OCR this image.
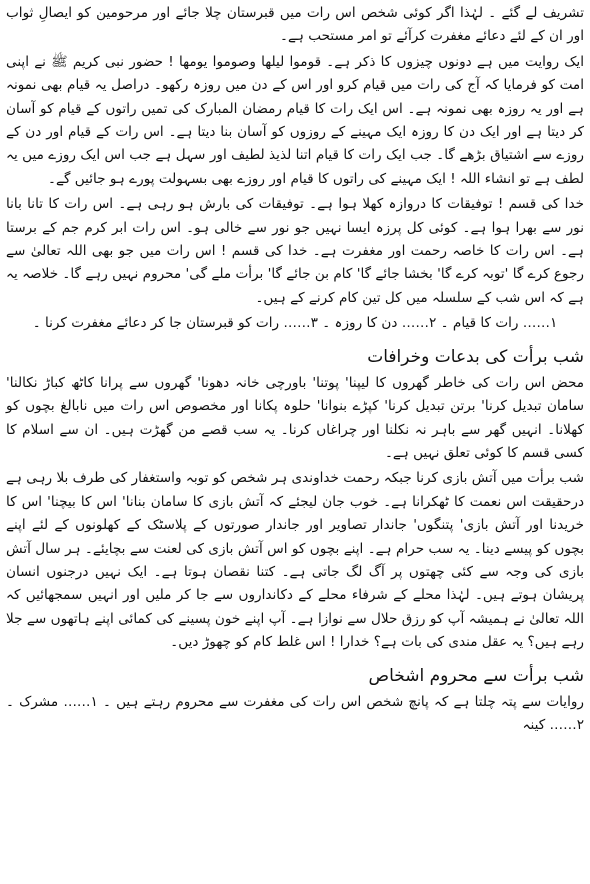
تشریف لے گئے ۔ لہٰذا اگر کوئی شخص اس رات میں قبرستان چلا جائے اور مرحومین کو ایصالِ ثواب اور ان کے لئے دعائے مغفرت کرآئے تو امر مستحب ہے۔

ایک روایت میں ہے دونوں چیزوں کا ذکر ہے۔ قوموا لیلھا وصوموا یومھا ! حضور نبی کریم ﷺ نے اپنی امت کو فرمایا کہ آج کی رات میں قیام کرو اور اس کے دن میں روزہ رکھو۔ دراصل یہ قیام بھی نمونہ ہے اور یہ روزہ بھی نمونہ ہے۔ اس ایک رات کا قیام رمضان المبارک کی تمیں راتوں کے قیام کو آسان کر دیتا ہے اور ایک دن کا روزہ ایک مہینے کے روزوں کو آسان بنا دیتا ہے۔ اس رات کے قیام اور دن کے روزے سے اشتیاق بڑھے گا۔ جب ایک رات کا قیام اتنا لذیذ لطیف اور سہل ہے جب اس ایک روزے میں یہ لطف ہے تو انشاء اللہ ! ایک مہینے کی راتوں کا قیام اور روزے بھی بسہولت پورے ہو جائیں گے۔

خدا کی قسم ! توفیقات کا دروازہ کھلا ہوا ہے۔ توفیقات کی بارش ہو رہی ہے۔ اس رات کا تانا بانا نور سے بھرا ہوا ہے۔ کوئی کل پرزہ ایسا نہیں جو نور سے خالی ہو۔ اس رات ابر کرم جم کے برستا ہے۔ اس رات کا خاصہ رحمت اور مغفرت ہے۔ خدا کی قسم ! اس رات میں جو بھی اللہ تعالیٰ سے رجوع کرے گا 'توبہ کرے گا' بخشا جائے گا' کام بن جائے گا' برأت ملے گی' محروم نہیں رہے گا۔ خلاصہ یہ ہے کہ اس شب کے سلسلہ میں کل تین کام کرنے کے ہیں۔

۱…… رات کا قیام ۔ ۲…… دن کا روزہ ۔ ۳…… رات کو قبرستان جا کر دعائے مغفرت کرنا ۔

شب برأت کی بدعات وخرافات

محض اس رات کی خاطر گھروں کا لیپنا' پوتنا' باورچی خانہ دھونا' گھروں سے پرانا کاٹھ کباڑ نکالنا' سامان تبدیل کرنا' برتن تبدیل کرنا' کپڑے بنوانا' حلوہ پکانا اور مخصوص اس رات میں نابالغ بچوں کو کھلانا۔ انہیں گھر سے باہر نہ نکلنا اور چراغاں کرنا۔ یہ سب قصے من گھڑت ہیں۔ ان سے اسلام کا کسی قسم کا کوئی تعلق نہیں ہے۔

شب برأت میں آتش بازی کرنا جبکہ رحمت خداوندی ہر شخص کو توبہ واستغفار کی طرف بلا رہی ہے درحقیقت اس نعمت کا ٹھکرانا ہے۔ خوب جان لیجئے کہ آتش بازی کا سامان بنانا' اس کا بیچنا' اس کا خریدنا اور آتش بازی' پتنگوں' جاندار تصاویر اور جاندار صورتوں کے پلاسٹک کے کھلونوں کے لئے اپنے بچوں کو پیسے دینا۔ یہ سب حرام ہے۔ اپنے بچوں کو اس آتش بازی کی لعنت سے بچایئے۔ ہر سال آتش بازی کی وجہ سے کئی چھتوں پر آگ لگ جاتی ہے۔ کتنا نقصان ہوتا ہے۔ ایک نہیں درجنوں انسان پریشان ہوتے ہیں۔ لہٰذا محلے کے شرفاء محلے کے دکانداروں سے جا کر ملیں اور انہیں سمجھائیں کہ اللہ تعالیٰ نے ہمیشہ آپ کو رزق حلال سے نوازا ہے۔ آپ اپنے خون پسینے کی کمائی اپنے ہاتھوں سے جلا رہے ہیں؟ یہ عقل مندی کی بات ہے؟ خدارا ! اس غلط کام کو چھوڑ دیں۔

شب برأت سے محروم اشخاص

روایات سے پتہ چلتا ہے کہ پانچ شخص اس رات کی مغفرت سے محروم رہتے ہیں ۔ ۱…… مشرک ۔ ۲…… کینہ
